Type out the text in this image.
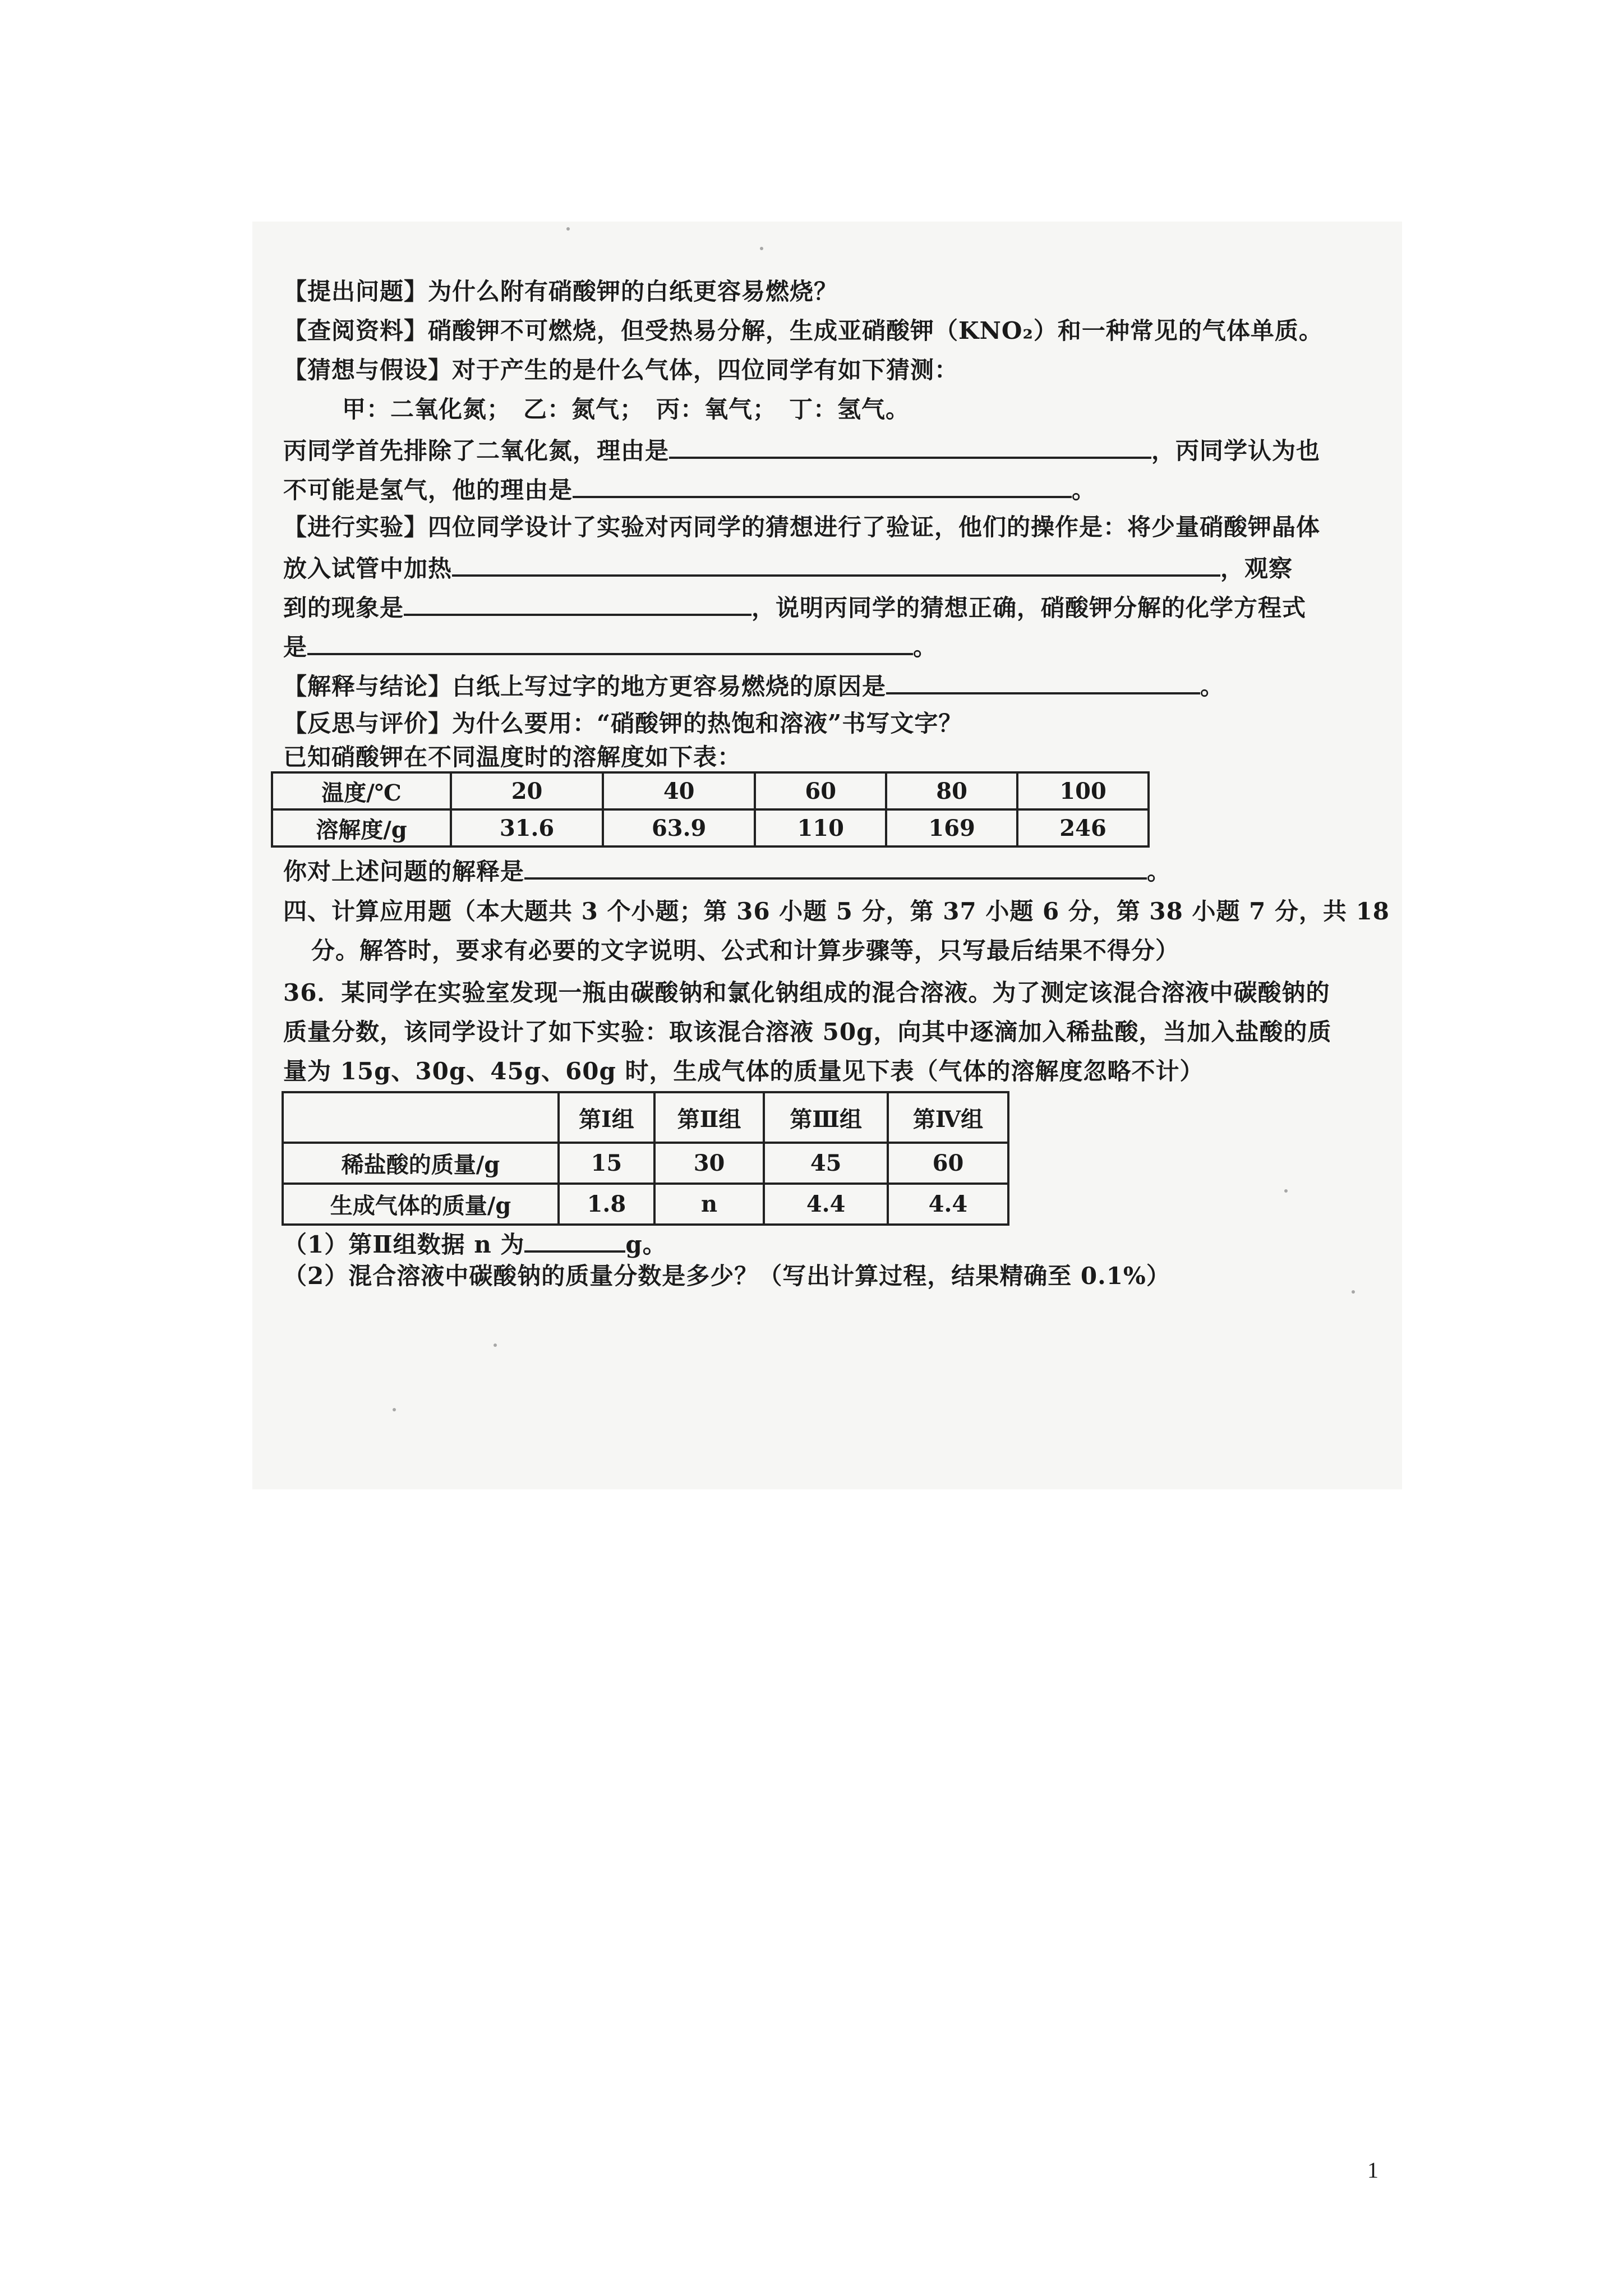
【提出问题】为什么附有硝酸钾的白纸更容易燃烧？
【查阅资料】硝酸钾不可燃烧，但受热易分解，生成亚硝酸钾（KNO₂）和一种常见的气体单质。
【猜想与假设】对于产生的是什么气体，四位同学有如下猜测：
甲：二氧化氮；　乙：氮气；　丙：氧气；　丁：氢气。
丙同学首先排除了二氧化氮，理由是	，丙同学认为也
不可能是氢气，他的理由是	。
【进行实验】四位同学设计了实验对丙同学的猜想进行了验证，他们的操作是：将少量硝酸钾晶体
放入试管中加热	，观察
到的现象是	，说明丙同学的猜想正确，硝酸钾分解的化学方程式
是	。
【解释与结论】白纸上写过字的地方更容易燃烧的原因是	。
【反思与评价】为什么要用：“硝酸钾的热饱和溶液”书写文字？
已知硝酸钾在不同温度时的溶解度如下表：
温度/℃	20	40	60	80	100
溶解度/g	31.6	63.9	110	169	246
你对上述问题的解释是	。
四、计算应用题（本大题共 3 个小题；第 36 小题 5 分，第 37 小题 6 分，第 38 小题 7 分，共 18
分。解答时，要求有必要的文字说明、公式和计算步骤等，只写最后结果不得分）
36．某同学在实验室发现一瓶由碳酸钠和氯化钠组成的混合溶液。为了测定该混合溶液中碳酸钠的
质量分数，该同学设计了如下实验：取该混合溶液 50g，向其中逐滴加入稀盐酸，当加入盐酸的质
量为 15g、30g、45g、60g 时，生成气体的质量见下表（气体的溶解度忽略不计）
	第Ⅰ组	第Ⅱ组	第Ⅲ组	第Ⅳ组
稀盐酸的质量/g	15	30	45	60
生成气体的质量/g	1.8	n	4.4	4.4
（1）第Ⅱ组数据 n 为	g。
（2）混合溶液中碳酸钠的质量分数是多少？（写出计算过程，结果精确至 0.1%）
1
